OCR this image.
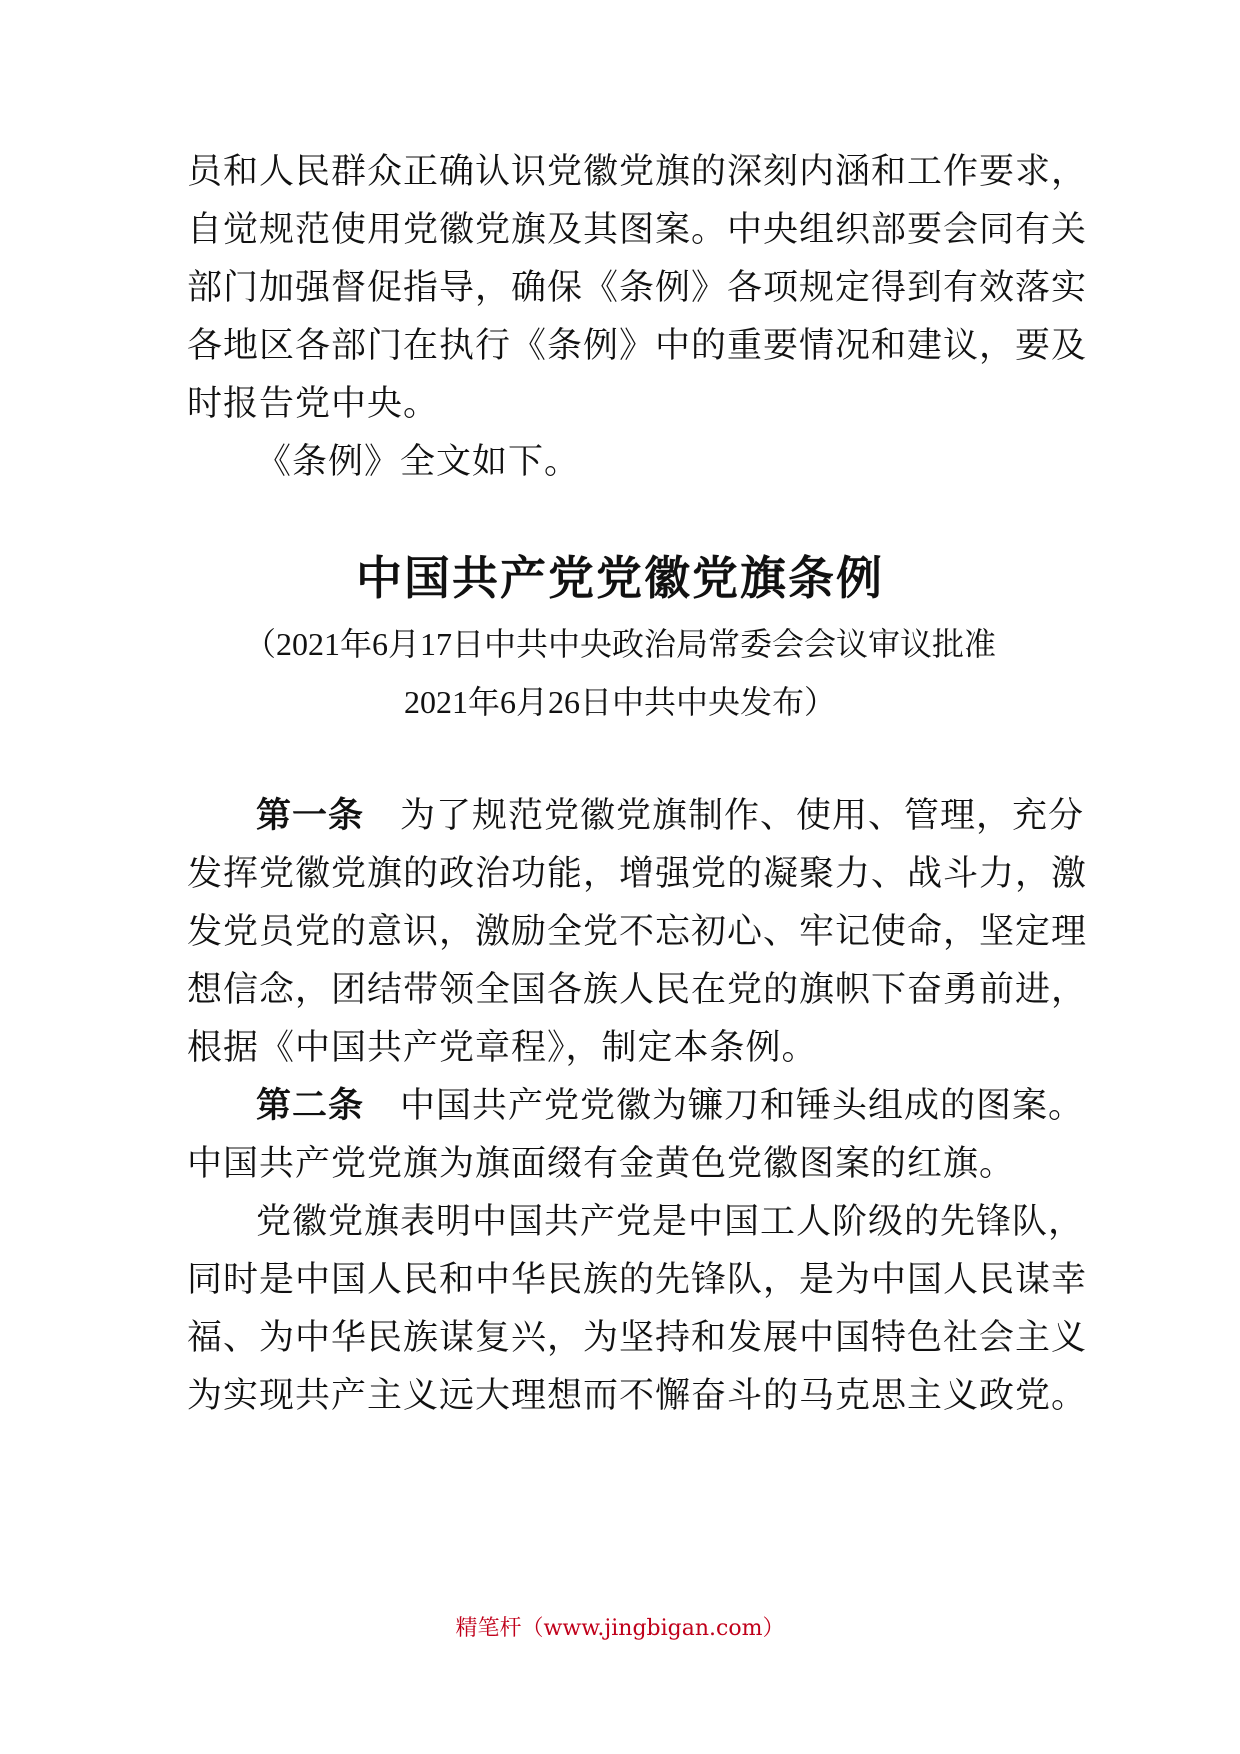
员和人民群众正确认识党徽党旗的深刻内涵和工作要求，
自觉规范使用党徽党旗及其图案。中央组织部要会同有关
部门加强督促指导，确保《条例》各项规定得到有效落实
各地区各部门在执行《条例》中的重要情况和建议，要及
时报告党中央。
《条例》全文如下。
中国共产党党徽党旗条例
（2021年6月17日中共中央政治局常委会会议审议批准
2021年6月26日中共中央发布）
第一条 为了规范党徽党旗制作、使用、管理，充分
发挥党徽党旗的政治功能，增强党的凝聚力、战斗力，激
发党员党的意识，激励全党不忘初心、牢记使命，坚定理
想信念，团结带领全国各族人民在党的旗帜下奋勇前进，
根据《中国共产党章程》，制定本条例。
第二条 中国共产党党徽为镰刀和锤头组成的图案。
中国共产党党旗为旗面缀有金黄色党徽图案的红旗。
党徽党旗表明中国共产党是中国工人阶级的先锋队，
同时是中国人民和中华民族的先锋队，是为中国人民谋幸
福、为中华民族谋复兴，为坚持和发展中国特色社会主义
为实现共产主义远大理想而不懈奋斗的马克思主义政党。
精笔杆（www.jingbigan.com）
